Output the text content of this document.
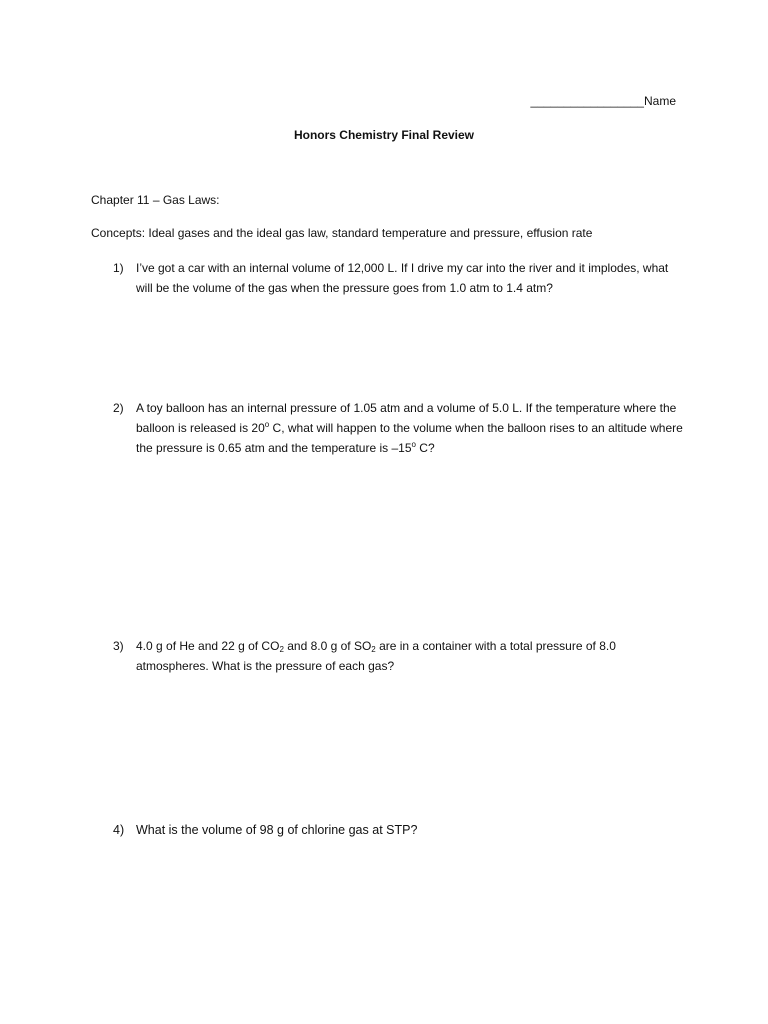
_________________Name
Honors Chemistry Final Review
Chapter 11 – Gas Laws:
Concepts: Ideal gases and the ideal gas law, standard temperature and pressure, effusion rate
1)	I’ve got a car with an internal volume of 12,000 L. If I drive my car into the river and it implodes, what will be the volume of the gas when the pressure goes from 1.0 atm to 1.4 atm?
2)	A toy balloon has an internal pressure of 1.05 atm and a volume of 5.0 L. If the temperature where the balloon is released is 20$^o$ C, what will happen to the volume when the balloon rises to an altitude where the pressure is 0.65 atm and the temperature is –15$^o$ C?
3)	4.0 g of He and 22 g of $CO_2$ and 8.0 g of $SO_2$ are in a container with a total pressure of 8.0 atmospheres. What is the pressure of each gas?
4) What is the volume of 98 g of chlorine gas at STP?
